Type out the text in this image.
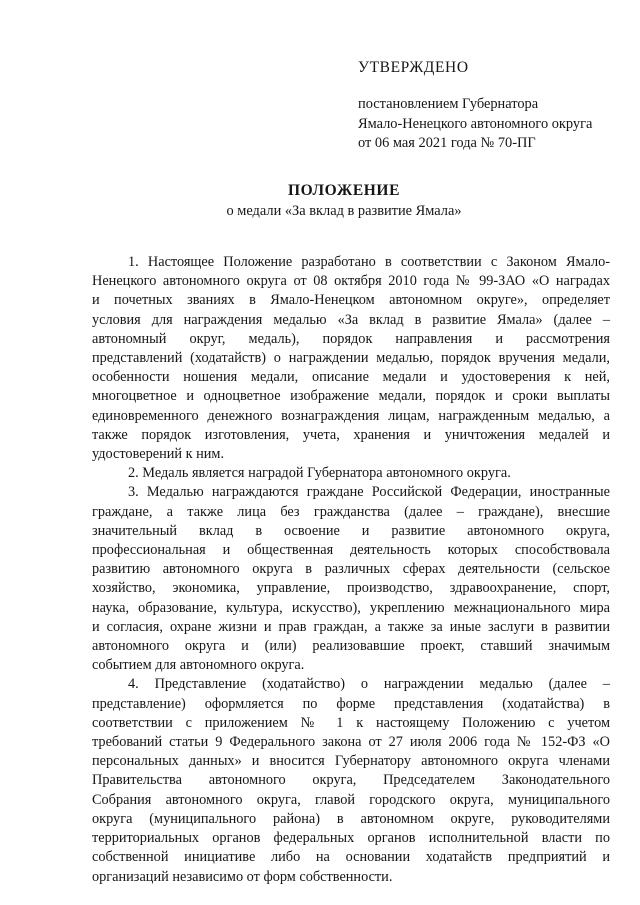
УТВЕРЖДЕНО
постановлением Губернатора
Ямало-Ненецкого автономного округа
от 06 мая 2021 года № 70-ПГ
ПОЛОЖЕНИЕ
о медали «За вклад в развитие Ямала»
1. Настоящее Положение разработано в соответствии с Законом Ямало-
Ненецкого автономного округа от 08 октября 2010 года № 99-ЗАО «О наградах
и почетных званиях в Ямало-Ненецком автономном округе», определяет
условия для награждения медалью «За вклад в развитие Ямала» (далее –
автономный округ, медаль), порядок направления и рассмотрения
представлений (ходатайств) о награждении медалью, порядок вручения медали,
особенности ношения медали, описание медали и удостоверения к ней,
многоцветное и одноцветное изображение медали, порядок и сроки выплаты
единовременного денежного вознаграждения лицам, награжденным медалью, а
также порядок изготовления, учета, хранения и уничтожения медалей и
удостоверений к ним.
2. Медаль является наградой Губернатора автономного округа.
3. Медалью награждаются граждане Российской Федерации, иностранные
граждане, а также лица без гражданства (далее – граждане), внесшие
значительный вклад в освоение и развитие автономного округа,
профессиональная и общественная деятельность которых способствовала
развитию автономного округа в различных сферах деятельности (сельское
хозяйство, экономика, управление, производство, здравоохранение, спорт,
наука, образование, культура, искусство), укреплению межнационального мира
и согласия, охране жизни и прав граждан, а также за иные заслуги в развитии
автономного округа и (или) реализовавшие проект, ставший значимым
событием для автономного округа.
4. Представление (ходатайство) о награждении медалью (далее –
представление) оформляется по форме представления (ходатайства) в
соответствии с приложением № 1 к настоящему Положению с учетом
требований статьи 9 Федерального закона от 27 июля 2006 года № 152-ФЗ «О
персональных данных» и вносится Губернатору автономного округа членами
Правительства автономного округа, Председателем Законодательного
Собрания автономного округа, главой городского округа, муниципального
округа (муниципального района) в автономном округе, руководителями
территориальных органов федеральных органов исполнительной власти по
собственной инициативе либо на основании ходатайств предприятий и
организаций независимо от форм собственности.
